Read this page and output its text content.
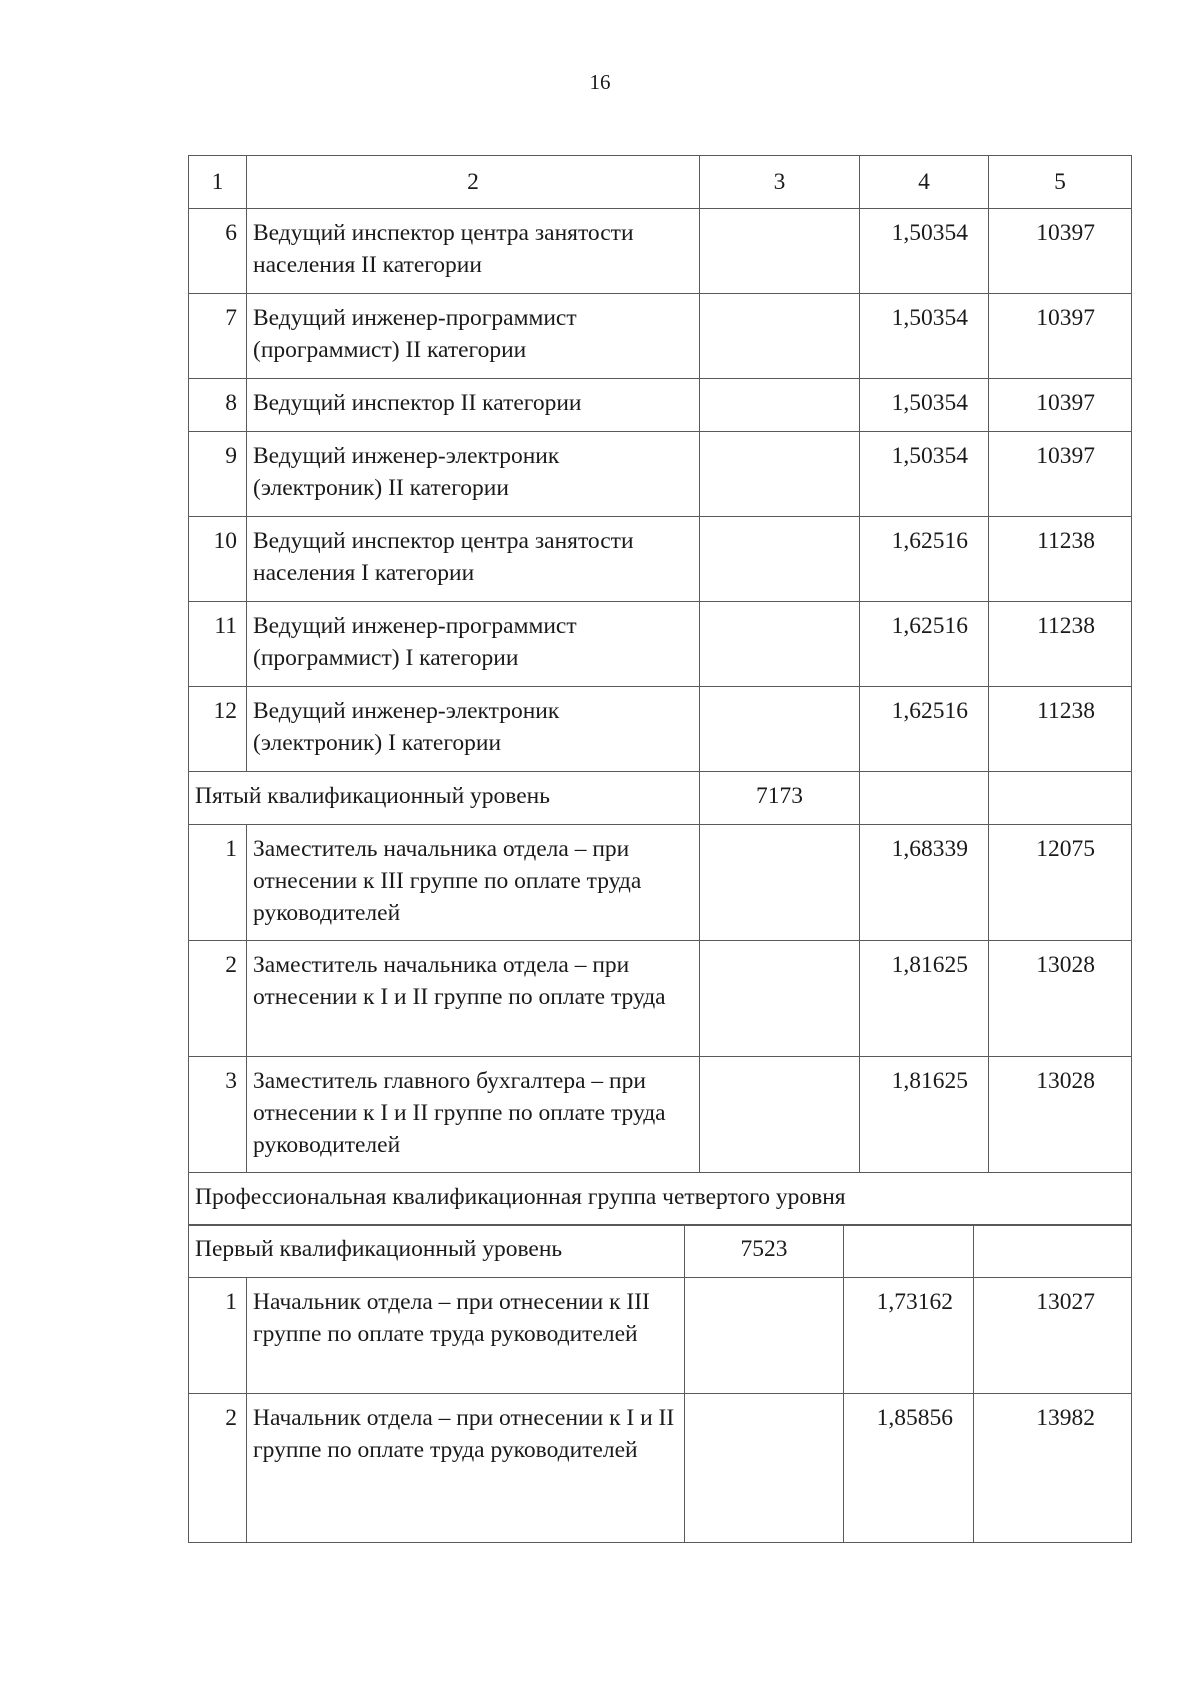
16
1	2	3	4	5
6	Ведущий инспектор центра занятости населения II категории		1,50354	10397
7	Ведущий инженер-программист (программист) II категории		1,50354	10397
8	Ведущий инспектор II категории		1,50354	10397
9	Ведущий инженер-электроник (электроник) II категории		1,50354	10397
10	Ведущий инспектор центра занятости населения I категории		1,62516	11238
11	Ведущий инженер-программист (программист) I категории		1,62516	11238
12	Ведущий инженер-электроник (электроник) I категории		1,62516	11238
Пятый квалификационный уровень		7173		
1	Заместитель начальника отдела – при отнесении к III группе по оплате труда руководителей		1,68339	12075
2	Заместитель начальника отдела – при отнесении к I и II группе по оплате труда		1,81625	13028
3	Заместитель главного бухгалтера – при отнесении к I и II группе по оплате труда руководителей		1,81625	13028
Профессиональная квалификационная группа четвертого уровня				
Первый квалификационный уровень		7523		
1	Начальник отдела – при отнесении к III группе по оплате труда руководителей		1,73162	13027
2	Начальник отдела – при отнесении к I и II группе по оплате труда руководителей		1,85856	13982
